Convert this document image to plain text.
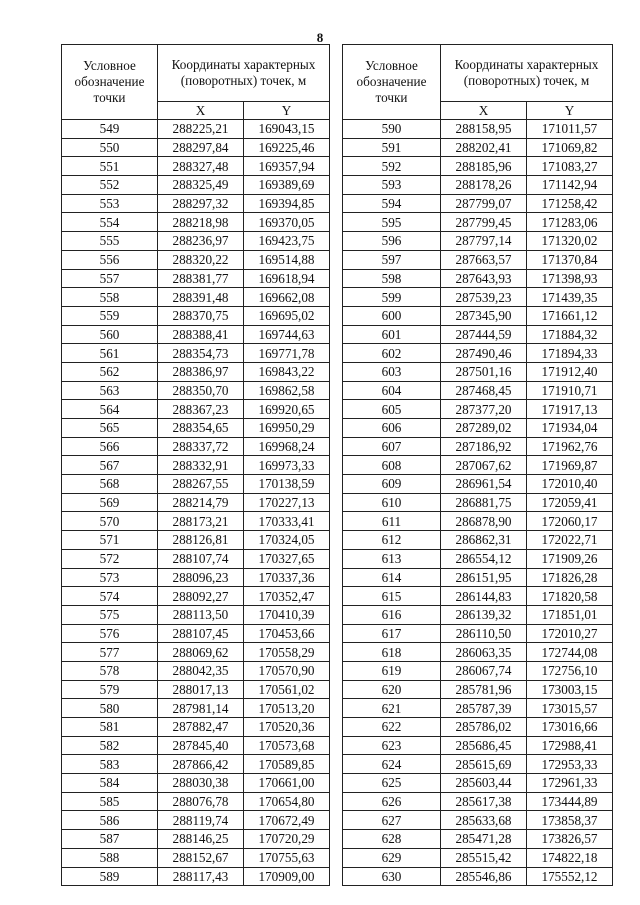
8
Условное обозначение точки	Координаты характерных (поворотных) точек, м	
	X	Y
549	288225,21	169043,15
550	288297,84	169225,46
551	288327,48	169357,94
552	288325,49	169389,69
553	288297,32	169394,85
554	288218,98	169370,05
555	288236,97	169423,75
556	288320,22	169514,88
557	288381,77	169618,94
558	288391,48	169662,08
559	288370,75	169695,02
560	288388,41	169744,63
561	288354,73	169771,78
562	288386,97	169843,22
563	288350,70	169862,58
564	288367,23	169920,65
565	288354,65	169950,29
566	288337,72	169968,24
567	288332,91	169973,33
568	288267,55	170138,59
569	288214,79	170227,13
570	288173,21	170333,41
571	288126,81	170324,05
572	288107,74	170327,65
573	288096,23	170337,36
574	288092,27	170352,47
575	288113,50	170410,39
576	288107,45	170453,66
577	288069,62	170558,29
578	288042,35	170570,90
579	288017,13	170561,02
580	287981,14	170513,20
581	287882,47	170520,36
582	287845,40	170573,68
583	287866,42	170589,85
584	288030,38	170661,00
585	288076,78	170654,80
586	288119,74	170672,49
587	288146,25	170720,29
588	288152,67	170755,63
589	288117,43	170909,00
Условное обозначение точки	Координаты характерных (поворотных) точек, м	
	X	Y
590	288158,95	171011,57
591	288202,41	171069,82
592	288185,96	171083,27
593	288178,26	171142,94
594	287799,07	171258,42
595	287799,45	171283,06
596	287797,14	171320,02
597	287663,57	171370,84
598	287643,93	171398,93
599	287539,23	171439,35
600	287345,90	171661,12
601	287444,59	171884,32
602	287490,46	171894,33
603	287501,16	171912,40
604	287468,45	171910,71
605	287377,20	171917,13
606	287289,02	171934,04
607	287186,92	171962,76
608	287067,62	171969,87
609	286961,54	172010,40
610	286881,75	172059,41
611	286878,90	172060,17
612	286862,31	172022,71
613	286554,12	171909,26
614	286151,95	171826,28
615	286144,83	171820,58
616	286139,32	171851,01
617	286110,50	172010,27
618	286063,35	172744,08
619	286067,74	172756,10
620	285781,96	173003,15
621	285787,39	173015,57
622	285786,02	173016,66
623	285686,45	172988,41
624	285615,69	172953,33
625	285603,44	172961,33
626	285617,38	173444,89
627	285633,68	173858,37
628	285471,28	173826,57
629	285515,42	174822,18
630	285546,86	175552,12
